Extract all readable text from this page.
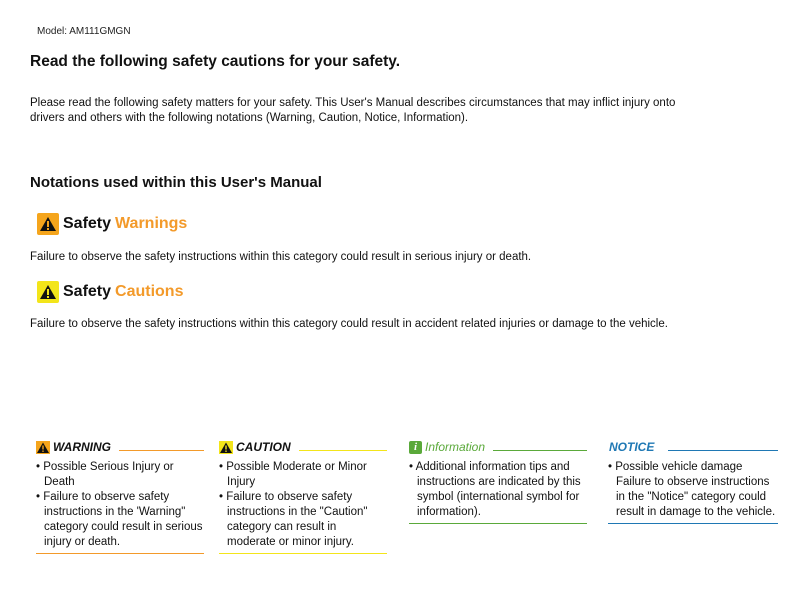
Model: AM111GMGN
Read the following safety cautions for your safety.
Please read the following safety matters for your safety. This User's Manual describes circumstances that may inflict injury onto drivers and others with the following notations (Warning, Caution, Notice, Information).
Notations used within this User's Manual
Safety Warnings
Failure to observe the safety instructions within this category could result in serious injury or death.
Safety Cautions
Failure to observe the safety instructions within this category could result in accident related injuries or damage to the vehicle.
WARNING
• Possible Serious Injury or Death
• Failure to observe safety instructions in the 'Warning" category could result in serious injury or death.
CAUTION
• Possible Moderate or Minor Injury
• Failure to observe safety instructions in the "Caution" category can result in moderate or minor injury.
i Information
• Additional information tips and instructions are indicated by this symbol (international symbol for information).
NOTICE
• Possible vehicle damage Failure to observe instructions in the "Notice" category could result in damage to the vehicle.
